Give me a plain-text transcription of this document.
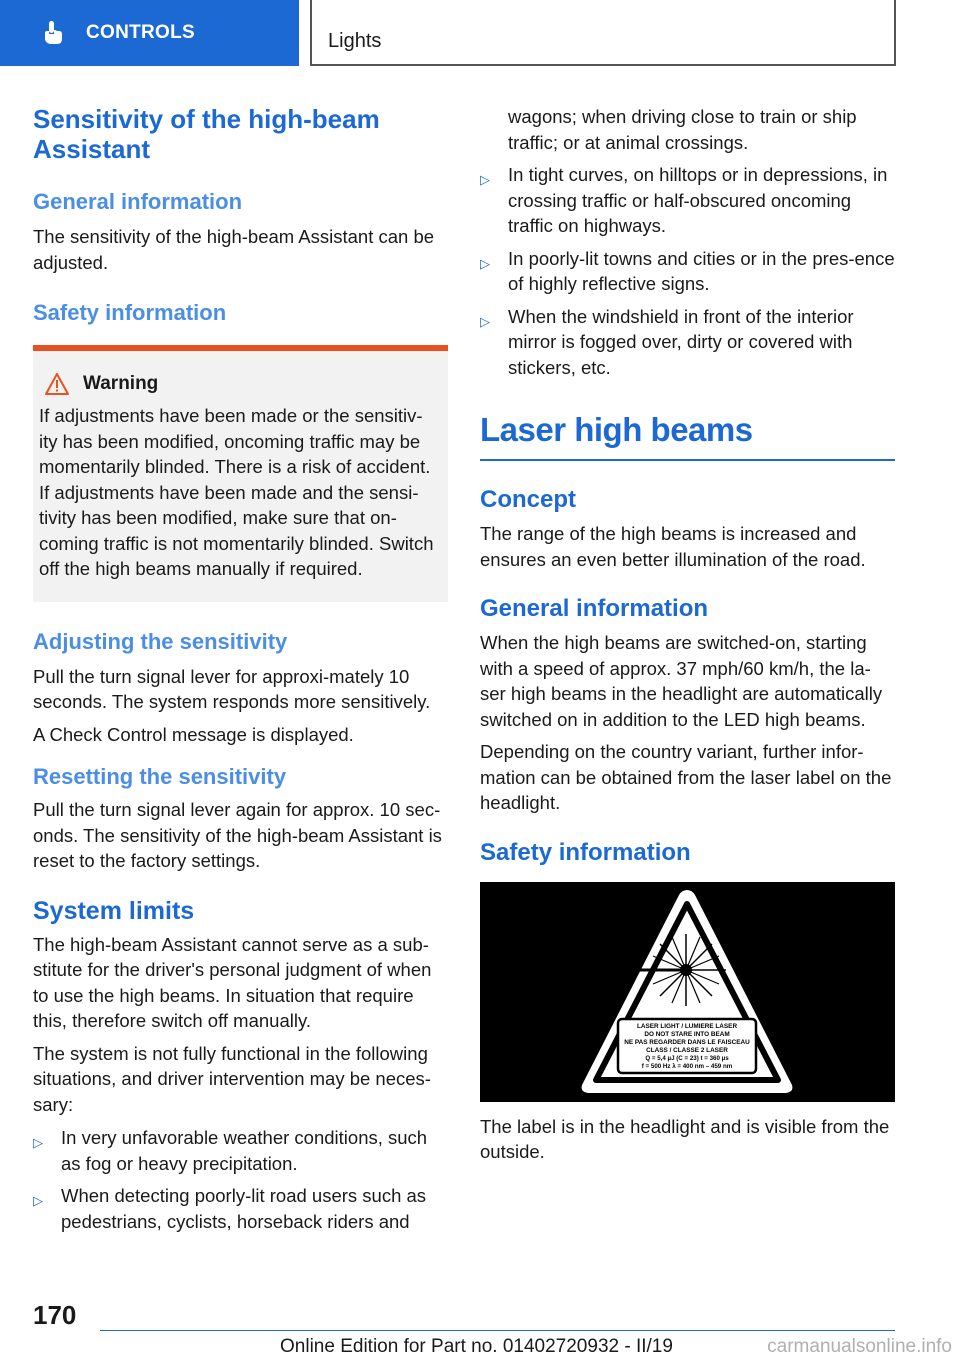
CONTROLS	Lights
Sensitivity of the high-beam Assistant
General information

The sensitivity of the high-beam Assistant can be adjusted.

Safety information
Warning

If adjustments have been made or the sensitiv-ity has been modified, oncoming traffic may be momentarily blinded. There is a risk of accident. If adjustments have been made and the sensi-tivity has been modified, make sure that on-coming traffic is not momentarily blinded. Switch off the high beams manually if required.

Adjusting the sensitivity

Pull the turn signal lever for approxi-mately 10 seconds. The system responds more sensitively.

A Check Control message is displayed.

Resetting the sensitivity

Pull the turn signal lever again for approx. 10 sec-onds. The sensitivity of the high-beam Assistant is reset to the factory settings.

System limits

The high-beam Assistant cannot serve as a sub-stitute for the driver's personal judgment of when to use the high beams. In situation that require this, therefore switch off manually.

The system is not fully functional in the following situations, and driver intervention may be neces-sary:

▷ In very unfavorable weather conditions, such as fog or heavy precipitation.
▷ When detecting poorly-lit road users such as pedestrians, cyclists, horseback riders and

wagons; when driving close to train or ship traffic; or at animal crossings.

▷ In tight curves, on hilltops or in depressions, in crossing traffic or half-obscured oncoming traffic on highways.
▷ In poorly-lit towns and cities or in the pres-ence of highly reflective signs.
▷ When the windshield in front of the interior mirror is fogged over, dirty or covered with stickers, etc.
Laser high beams
Concept

The range of the high beams is increased and ensures an even better illumination of the road.

General information

When the high beams are switched-on, starting with a speed of approx. 37 mph/60 km/h, the la-ser high beams in the headlight are automatically switched on in addition to the LED high beams.

Depending on the country variant, further infor-mation can be obtained from the laser label on the headlight.

Safety information
LASER LIGHT / LUMIERE LASER
DO NOT STARE INTO BEAM
NE PAS REGARDER DANS LE FAISCEAU
CLASS / CLASSE 2 LASER
Q = 5,4 µJ (C = 23) t = 360 µs
f = 500 Hz λ = 400 nm – 459 nm

The label is in the headlight and is visible from the outside.

170
Online Edition for Part no. 01402720932 - II/19	carmanualsonline.info
